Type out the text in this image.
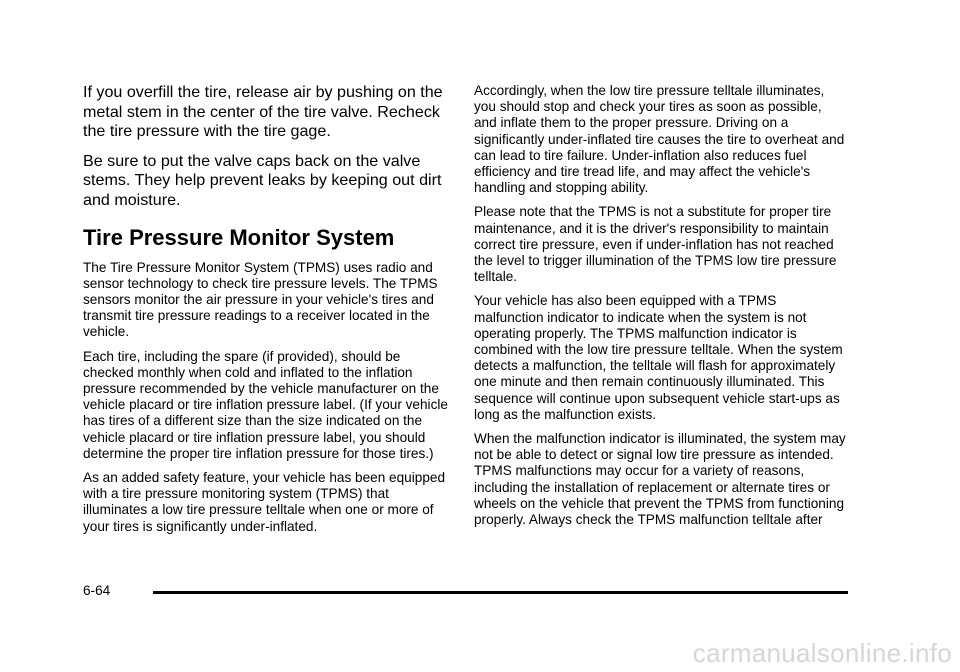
If you overfill the tire, release air by pushing on the metal stem in the center of the tire valve. Recheck the tire pressure with the tire gage.

Be sure to put the valve caps back on the valve stems. They help prevent leaks by keeping out dirt and moisture.

Tire Pressure Monitor System

The Tire Pressure Monitor System (TPMS) uses radio and sensor technology to check tire pressure levels. The TPMS sensors monitor the air pressure in your vehicle's tires and transmit tire pressure readings to a receiver located in the vehicle.

Each tire, including the spare (if provided), should be checked monthly when cold and inflated to the inflation pressure recommended by the vehicle manufacturer on the vehicle placard or tire inflation pressure label. (If your vehicle has tires of a different size than the size indicated on the vehicle placard or tire inflation pressure label, you should determine the proper tire inflation pressure for those tires.)

As an added safety feature, your vehicle has been equipped with a tire pressure monitoring system (TPMS) that illuminates a low tire pressure telltale when one or more of your tires is significantly under-inflated.

Accordingly, when the low tire pressure telltale illuminates, you should stop and check your tires as soon as possible, and inflate them to the proper pressure. Driving on a significantly under-inflated tire causes the tire to overheat and can lead to tire failure. Under-inflation also reduces fuel efficiency and tire tread life, and may affect the vehicle's handling and stopping ability.

Please note that the TPMS is not a substitute for proper tire maintenance, and it is the driver's responsibility to maintain correct tire pressure, even if under-inflation has not reached the level to trigger illumination of the TPMS low tire pressure telltale.

Your vehicle has also been equipped with a TPMS malfunction indicator to indicate when the system is not operating properly. The TPMS malfunction indicator is combined with the low tire pressure telltale. When the system detects a malfunction, the telltale will flash for approximately one minute and then remain continuously illuminated. This sequence will continue upon subsequent vehicle start-ups as long as the malfunction exists.

When the malfunction indicator is illuminated, the system may not be able to detect or signal low tire pressure as intended. TPMS malfunctions may occur for a variety of reasons, including the installation of replacement or alternate tires or wheels on the vehicle that prevent the TPMS from functioning properly. Always check the TPMS malfunction telltale after

6-64
carmanualsonline.info
